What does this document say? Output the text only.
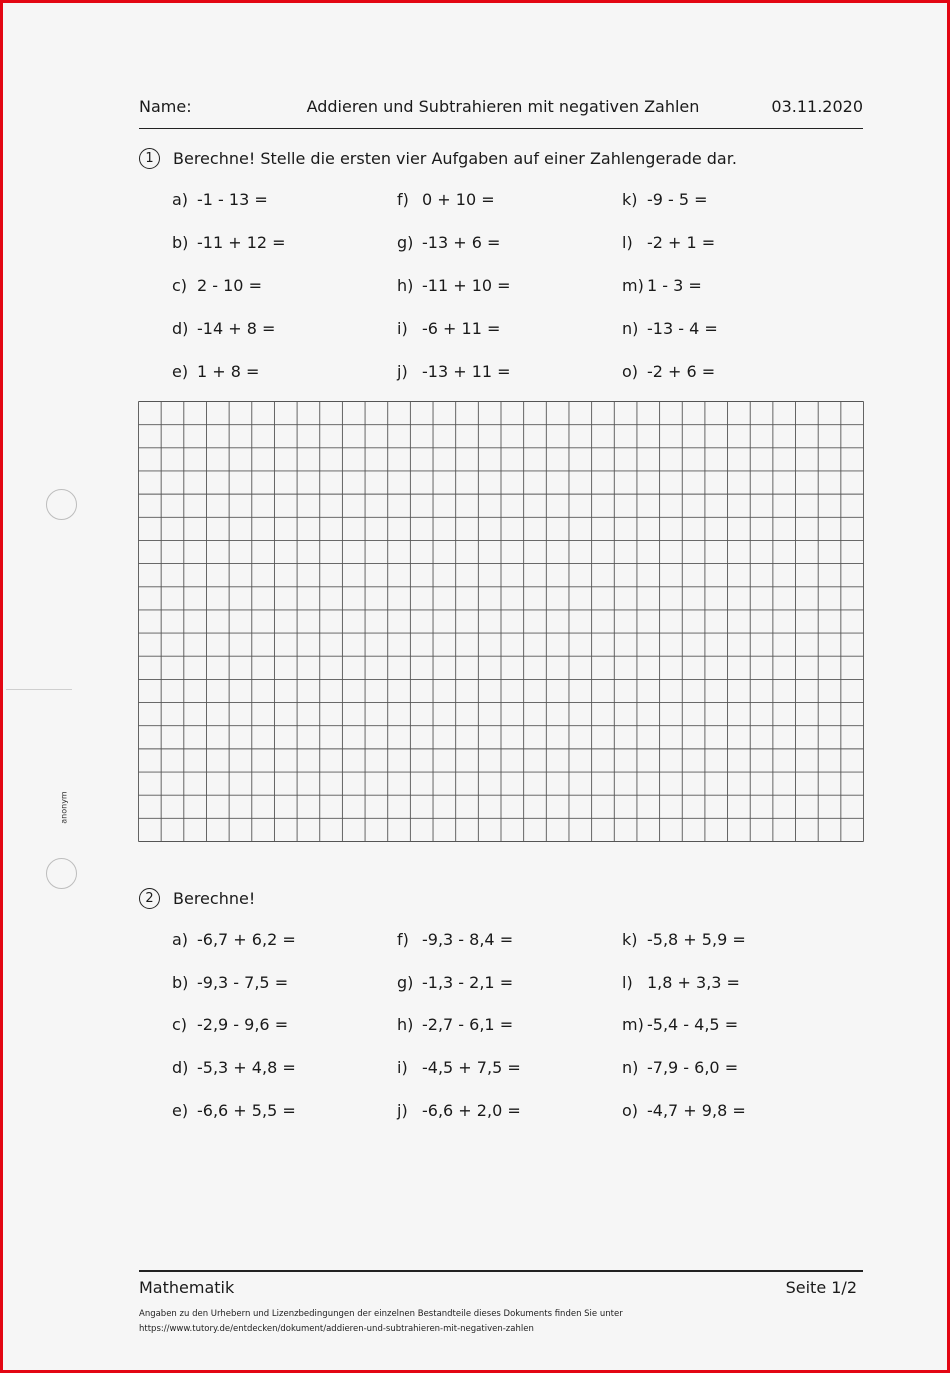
Name:	Addieren und Subtrahieren mit negativen Zahlen	03.11.2020
1	Berechne! Stelle die ersten vier Aufgaben auf einer Zahlengerade dar.
a) -1 - 13 =
b) -11 + 12 =
c) 2 - 10 =
d) -14 + 8 =
e) 1 + 8 =
f) 0 + 10 =
g) -13 + 6 =
h) -11 + 10 =
i) -6 + 11 =
j) -13 + 11 =
k) -9 - 5 =
l) -2 + 1 =
m) 1 - 3 =
n) -13 - 4 =
o) -2 + 6 =
2	Berechne!
a) -6,7 + 6,2 =
b) -9,3 - 7,5 =
c) -2,9 - 9,6 =
d) -5,3 + 4,8 =
e) -6,6 + 5,5 =
f) -9,3 - 8,4 =
g) -1,3 - 2,1 =
h) -2,7 - 6,1 =
i) -4,5 + 7,5 =
j) -6,6 + 2,0 =
k) -5,8 + 5,9 =
l) 1,8 + 3,3 =
m) -5,4 - 4,5 =
n) -7,9 - 6,0 =
o) -4,7 + 9,8 =
anonym
Mathematik	Seite 1/2
Angaben zu den Urhebern und Lizenzbedingungen der einzelnen Bestandteile dieses Dokuments finden Sie unter
https://www.tutory.de/entdecken/dokument/addieren-und-subtrahieren-mit-negativen-zahlen
